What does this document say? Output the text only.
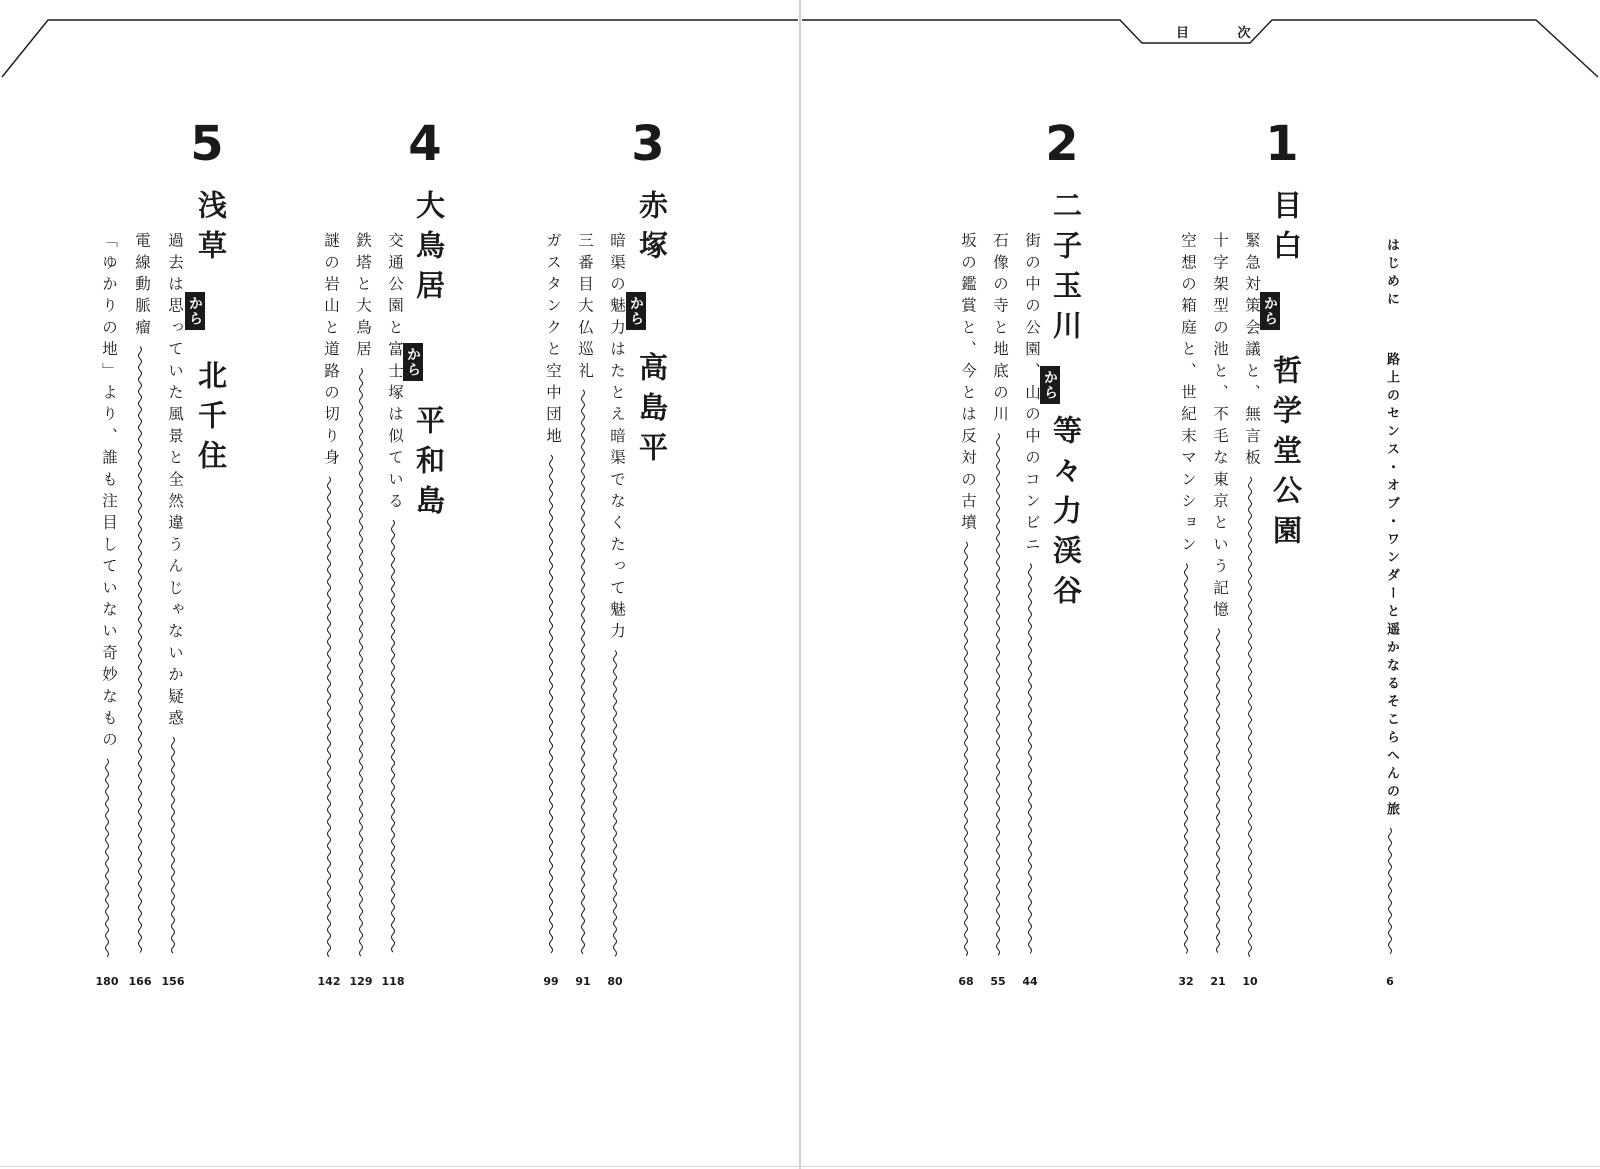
目 次
はじめに
路上のセンス・オブ・ワンダーと遥かなるそこらへんの旅
6
1
目白
から
哲学堂公園
緊急対策会議と、無言板
10
十字架型の池と、不毛な東京という記憶
21
空想の箱庭と、世紀末マンション
32
2
二子玉川
から
等々力渓谷
街の中の公園、山の中のコンビニ
44
石像の寺と地底の川
55
坂の鑑賞と、今とは反対の古墳
68
3
赤塚
から
高島平
暗渠の魅力はたとえ暗渠でなくたって魅力
80
三番目大仏巡礼
91
ガスタンクと空中団地
99
4
大鳥居
から
平和島
交通公園と富士塚は似ている
118
鉄塔と大鳥居
129
謎の岩山と道路の切り身
142
5
浅草
から
北千住
過去は思っていた風景と全然違うんじゃないか疑惑
156
電線動脈瘤
166
「ゆかりの地」より、誰も注目していない奇妙なもの
180
